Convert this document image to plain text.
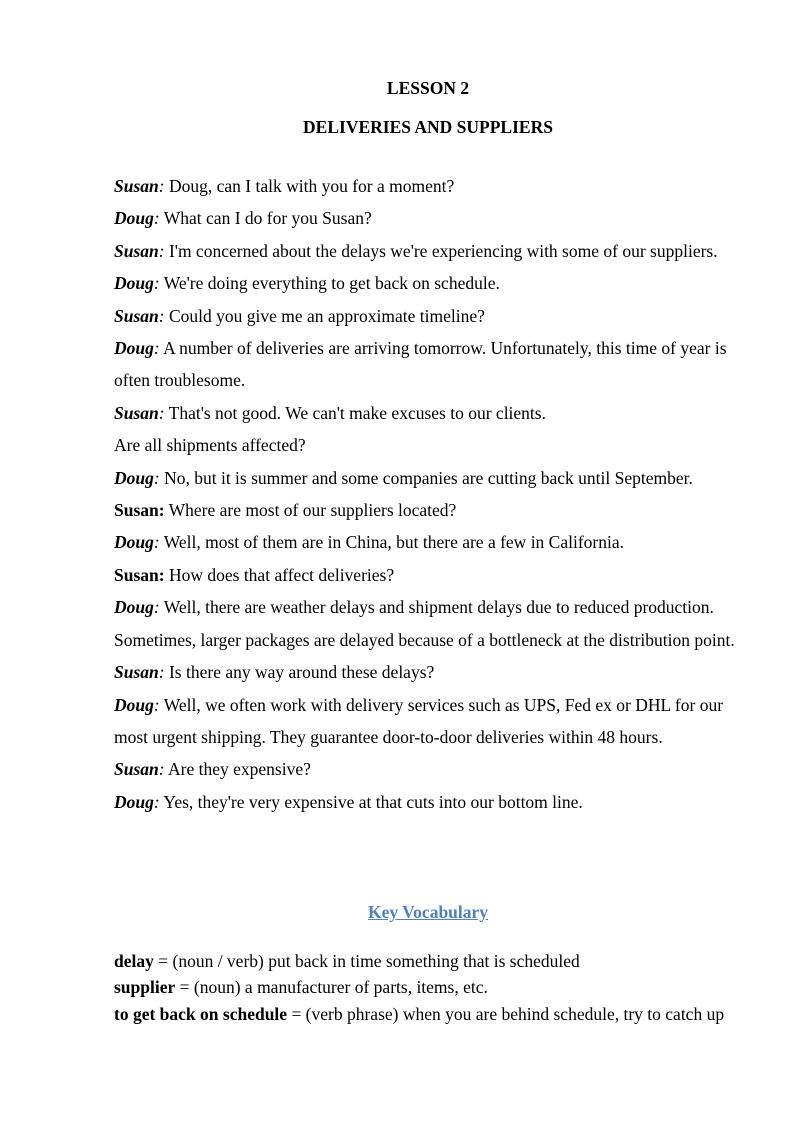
LESSON 2

DELIVERIES AND SUPPLIERS

Susan: Doug, can I talk with you for a moment?

Doug: What can I do for you Susan?

Susan: I'm concerned about the delays we're experiencing with some of our suppliers.

Doug: We're doing everything to get back on schedule.

Susan: Could you give me an approximate timeline?

Doug: A number of deliveries are arriving tomorrow. Unfortunately, this time of year is often troublesome.

Susan: That's not good. We can't make excuses to our clients.

Are all shipments affected?

Doug: No, but it is summer and some companies are cutting back until September.

Susan: Where are most of our suppliers located?

Doug: Well, most of them are in China, but there are a few in California.

Susan: How does that affect deliveries?

Doug: Well, there are weather delays and shipment delays due to reduced production. Sometimes, larger packages are delayed because of a bottleneck at the distribution point.

Susan: Is there any way around these delays?

Doug: Well, we often work with delivery services such as UPS, Fed ex or DHL for our most urgent shipping. They guarantee door-to-door deliveries within 48 hours.

Susan: Are they expensive?

Doug: Yes, they're very expensive at that cuts into our bottom line.

Key Vocabulary

delay = (noun / verb) put back in time something that is scheduled

supplier = (noun) a manufacturer of parts, items, etc.

to get back on schedule = (verb phrase) when you are behind schedule, try to catch up
